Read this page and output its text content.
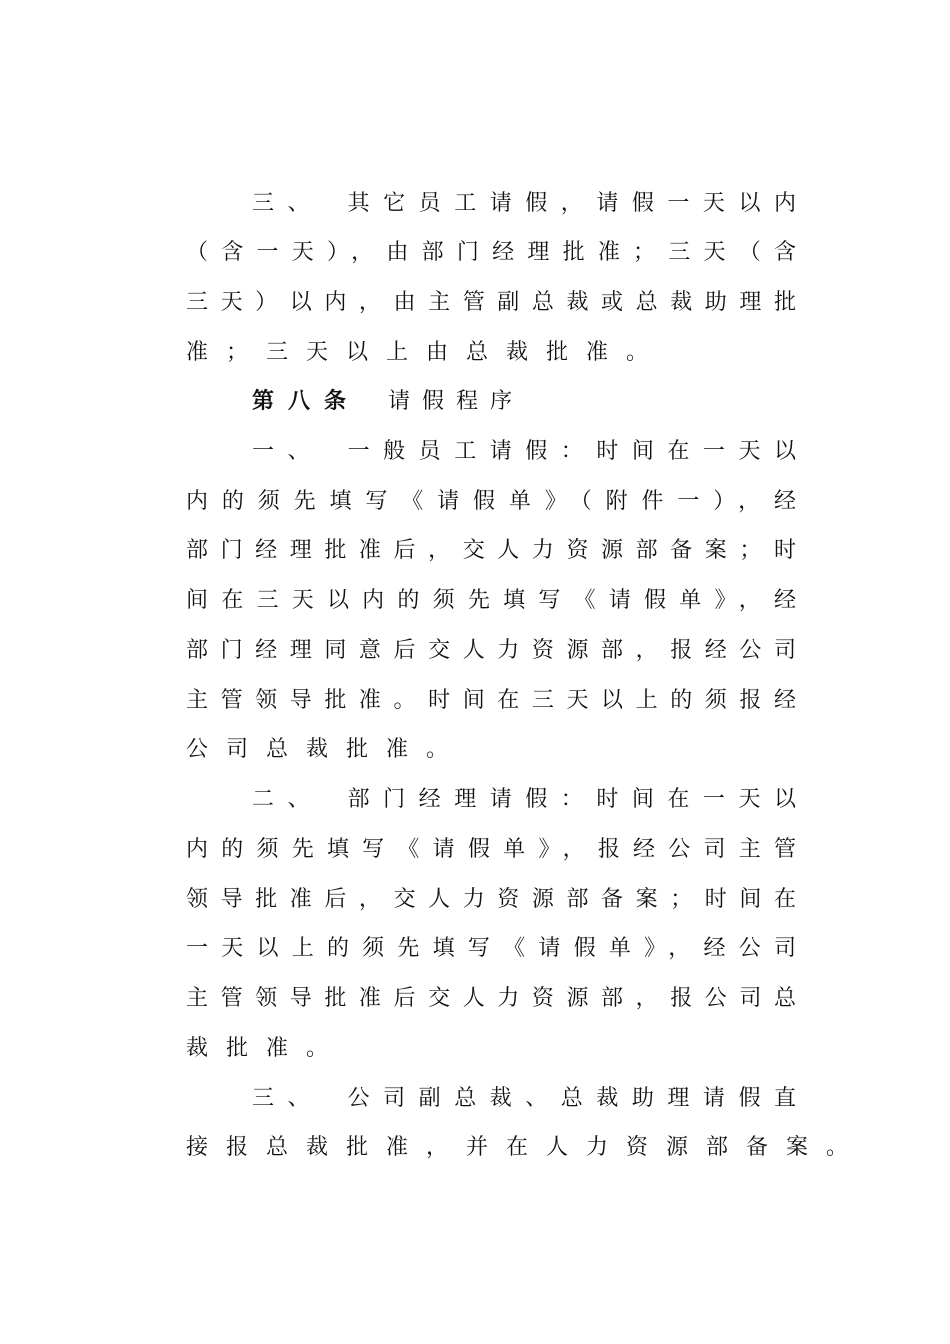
三、　其它员工请假，请假一天以内
（含一天），由部门经理批准；三天（含
三天）以内，由主管副总裁或总裁助理批
准；三天以上由总裁批准。
第八条 请假程序
一、　一般员工请假：时间在一天以
内的须先填写《请假单》（附件一），经
部门经理批准后，交人力资源部备案；时
间在三天以内的须先填写《请假单》，经
部门经理同意后交人力资源部，报经公司
主管领导批准。时间在三天以上的须报经
公司总裁批准。
二、　部门经理请假：时间在一天以
内的须先填写《请假单》，报经公司主管
领导批准后，交人力资源部备案；时间在
一天以上的须先填写《请假单》，经公司
主管领导批准后交人力资源部，报公司总
裁批准。
三、　公司副总裁、总裁助理请假直
接报总裁批准，并在人力资源部备案。
